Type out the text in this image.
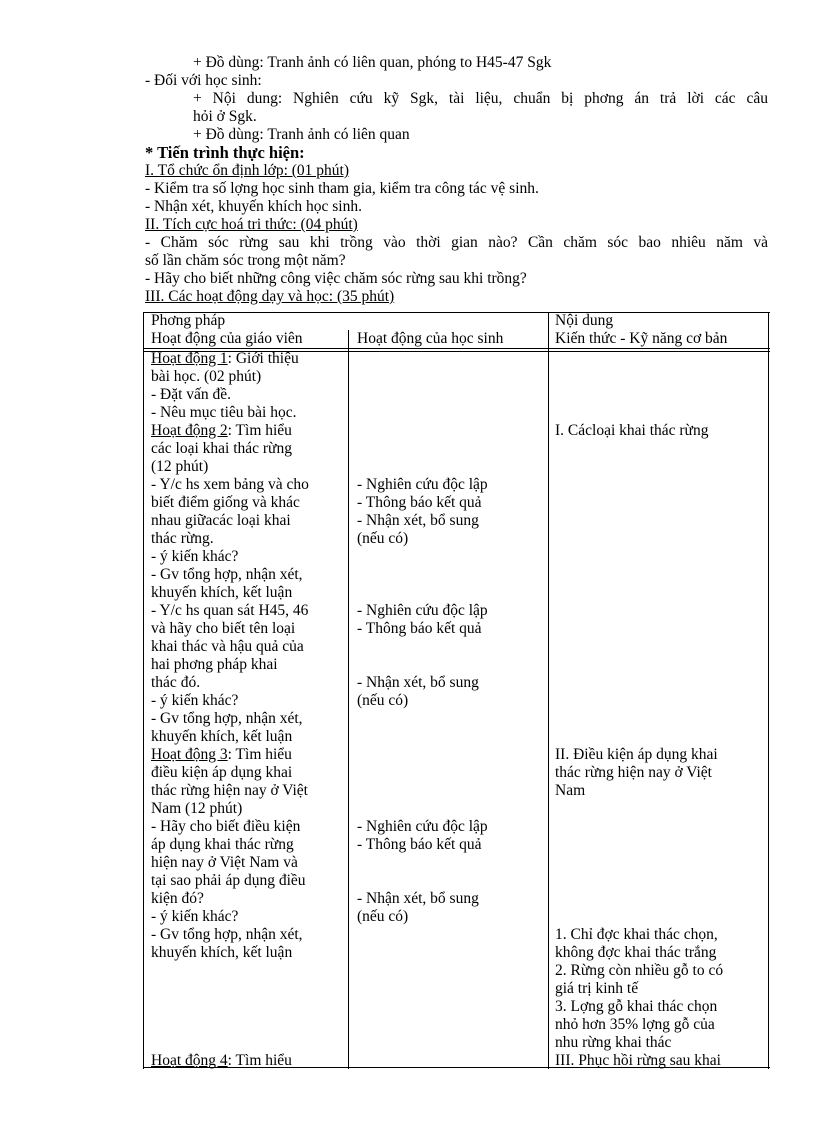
+ Đồ dùng: Tranh ảnh có liên quan, phóng to H45-47 Sgk
- Đối với học sinh:
+ Nội dung: Nghiên cứu kỹ Sgk, tài liệu, chuẩn bị phơng án trả lời các câu
hỏi ở Sgk.
+ Đồ dùng: Tranh ảnh có liên quan
* Tiến trình thực hiện:
I. Tổ chức ổn định lớp: (01 phút)
- Kiểm tra số lợng học sinh tham gia, kiểm tra công tác vệ sinh.
- Nhận xét, khuyến khích học sinh.
II. Tích cực hoá tri thức: (04 phút)
- Chăm sóc rừng sau khi trồng vào thời gian nào? Cần chăm sóc bao nhiêu năm và
số lần chăm sóc trong một năm?
- Hãy cho biết những công việc chăm sóc rừng sau khi trồng?
III. Các hoạt động dạy và học: (35 phút)
Phơng pháp
Hoạt động của giáo viên	Hoạt động của học sinh
Nội dung
Kiến thức - Kỹ năng cơ bản
Hoạt động 1: Giới thiệu
bài học. (02 phút)
- Đặt vấn đề.
- Nêu mục tiêu bài học.
Hoạt động 2: Tìm hiểu
các loại khai thác rừng
(12 phút)
- Y/c hs xem bảng và cho
biết điểm giống và khác
nhau giữacác loại khai
thác rừng.
- ý kiến khác?
- Gv tổng hợp, nhận xét,
khuyến khích, kết luận
- Y/c hs quan sát H45, 46
và hãy cho biết tên loại
khai thác và hậu quả của
hai phơng pháp khai
thác đó.
- ý kiến khác?
- Gv tổng hợp, nhận xét,
khuyến khích, kết luận
Hoạt động 3: Tìm hiểu
điều kiện áp dụng khai
thác rừng hiện nay ở Việt
Nam (12 phút)
- Hãy cho biết điều kiện
áp dụng khai thác rừng
hiện nay ở Việt Nam và
tại sao phải áp dụng điều
kiện đó?
- ý kiến khác?
- Gv tổng hợp, nhận xét,
khuyến khích, kết luận
Hoạt động 4: Tìm hiểu
- Nghiên cứu độc lập
- Thông báo kết quả
- Nhận xét, bổ sung
(nếu có)
- Nghiên cứu độc lập
- Thông báo kết quả
- Nhận xét, bổ sung
(nếu có)
- Nghiên cứu độc lập
- Thông báo kết quả
- Nhận xét, bổ sung
(nếu có)
I. Cácloại khai thác rừng
II. Điều kiện áp dụng khai
thác rừng hiện nay ở Việt
Nam
1. Chỉ đợc khai thác chọn,
không đợc khai thác trắng
2. Rừng còn nhiều gỗ to có
giá trị kinh tế
3. Lợng gỗ khai thác chọn
nhỏ hơn 35% lợng gỗ của
nhu rừng khai thác
III. Phục hồi rừng sau khai
